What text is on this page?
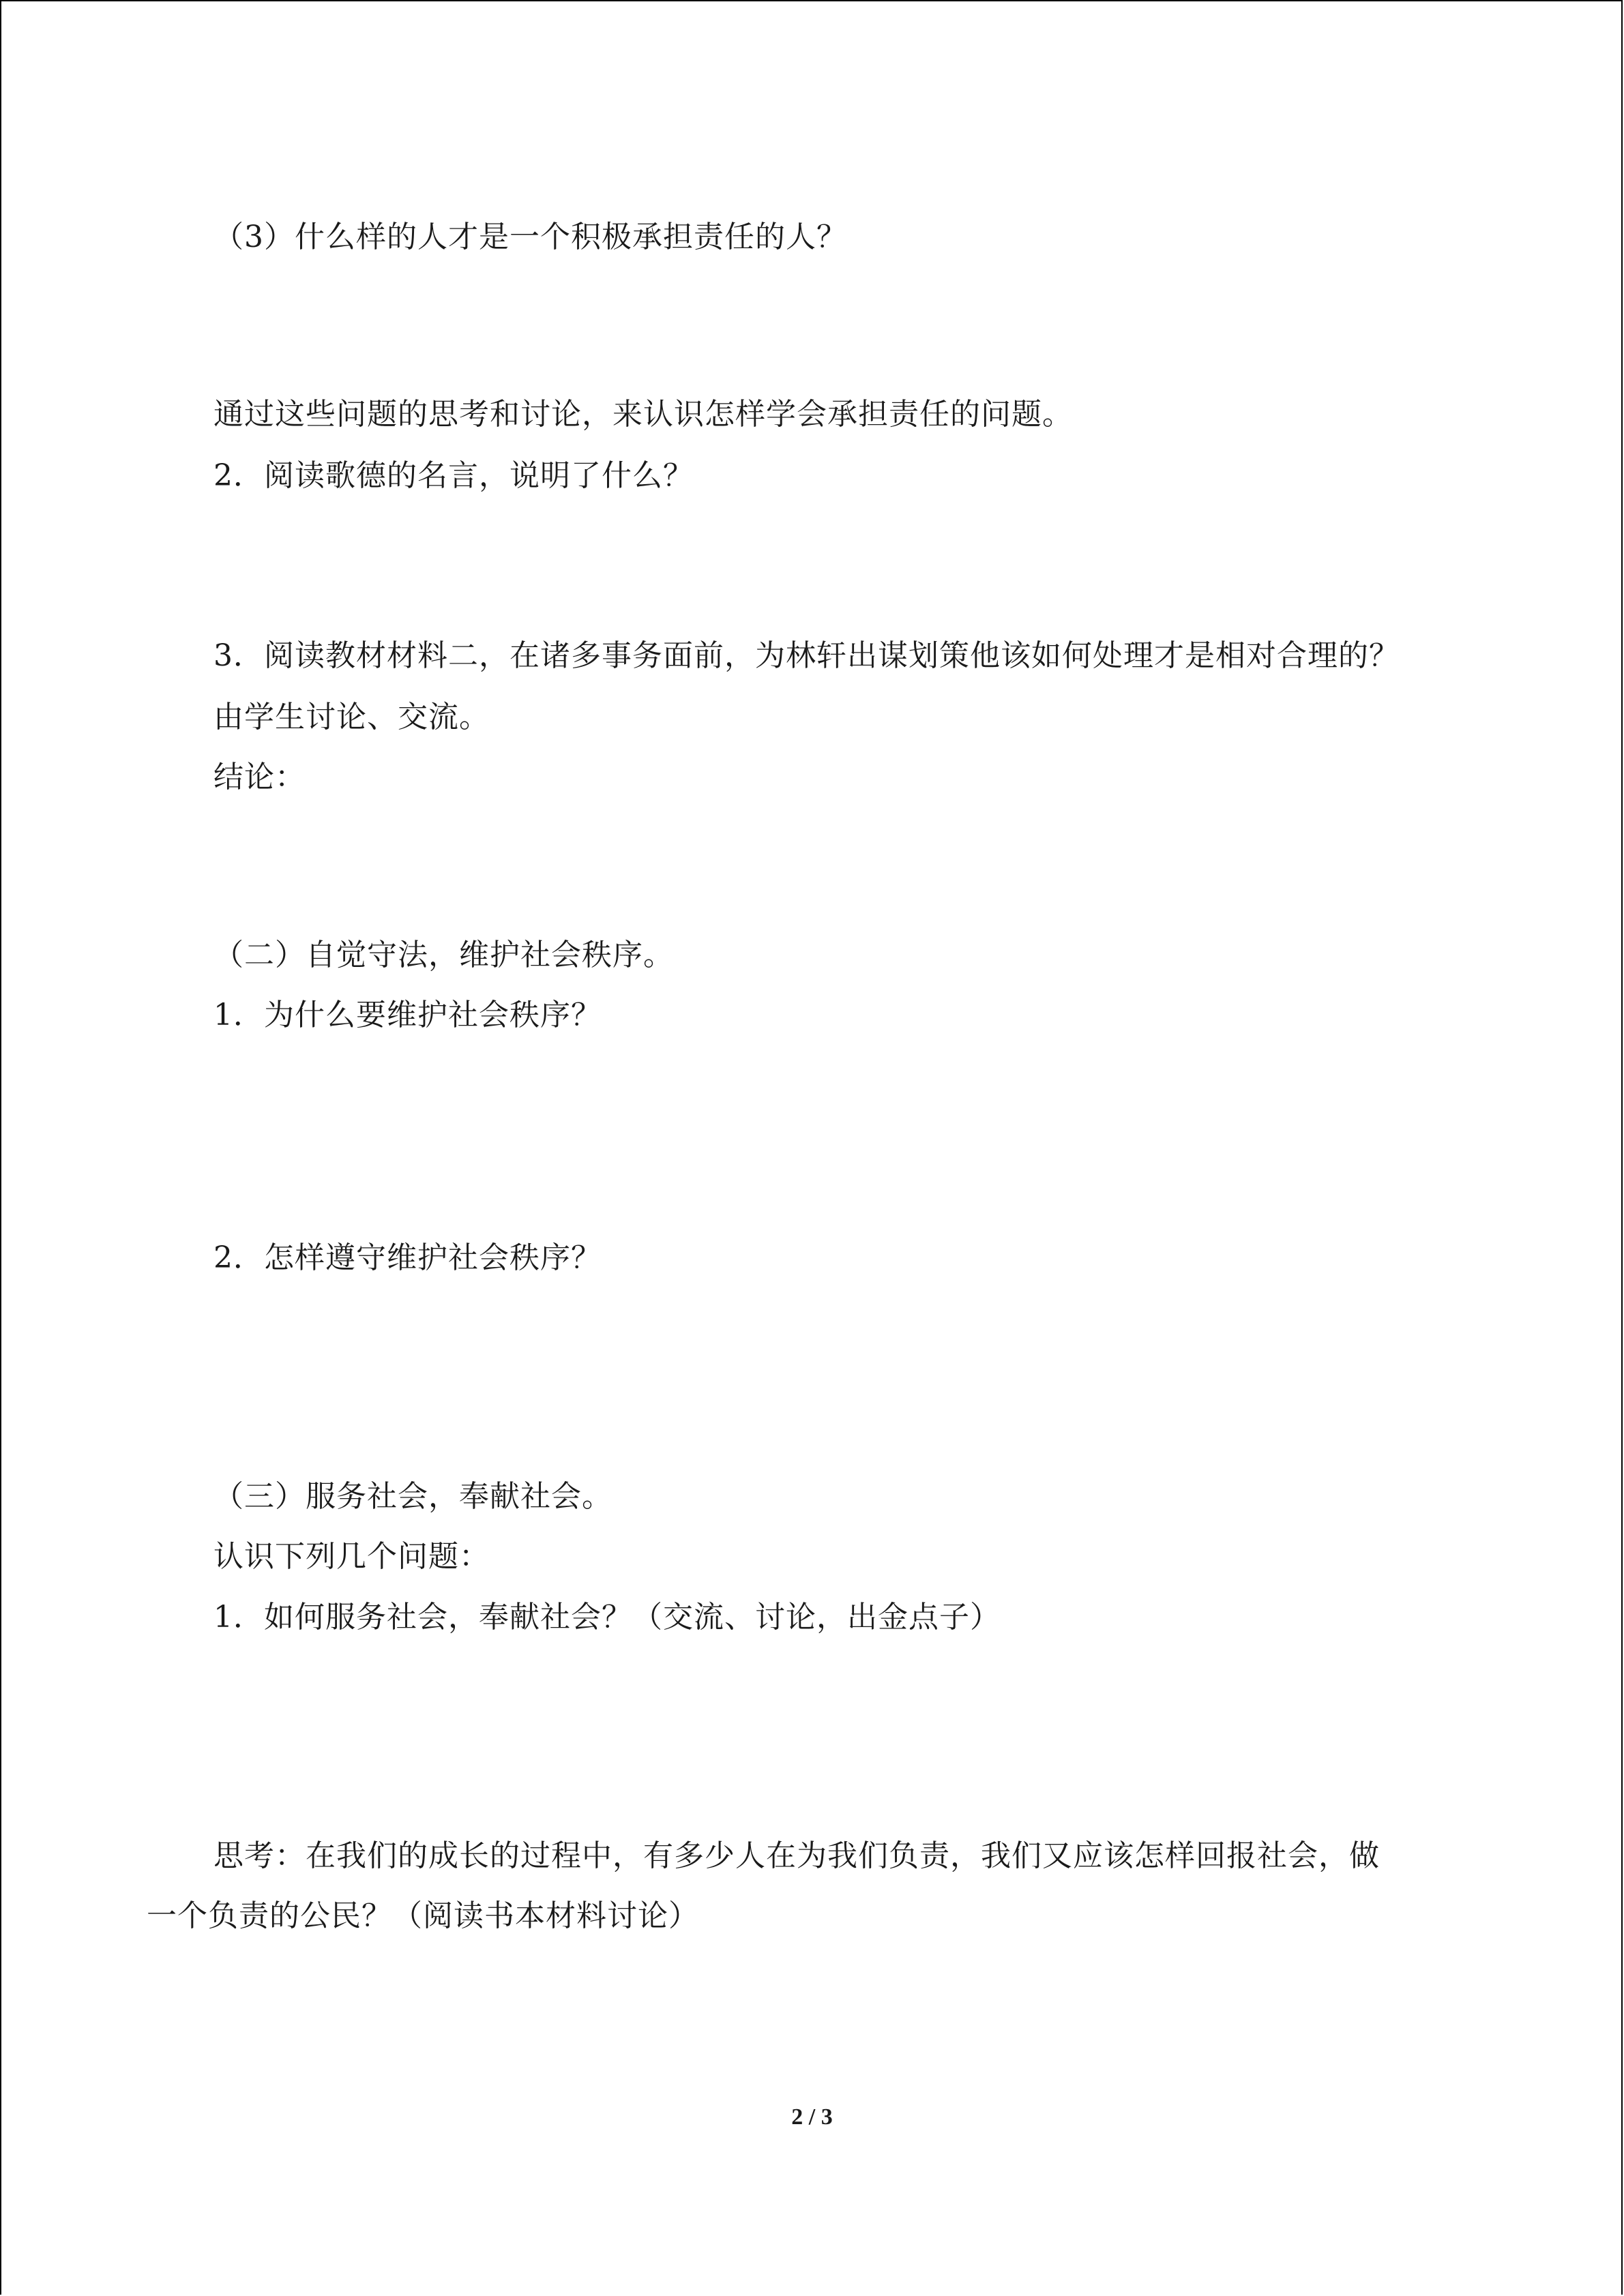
（3）什么样的人才是一个积极承担责任的人？
通过这些问题的思考和讨论，来认识怎样学会承担责任的问题。
2．阅读歌德的名言，说明了什么？
3．阅读教材材料二，在诸多事务面前，为林轩出谋划策他该如何处理才是相对合理的？
由学生讨论、交流。
结论：
（二）自觉守法，维护社会秩序。
1．为什么要维护社会秩序？
2．怎样遵守维护社会秩序？
（三）服务社会，奉献社会。
认识下列几个问题：
1．如何服务社会，奉献社会？（交流、讨论，出金点子）
思考：在我们的成长的过程中，有多少人在为我们负责，我们又应该怎样回报社会，做
一个负责的公民？（阅读书本材料讨论）
2 / 3
